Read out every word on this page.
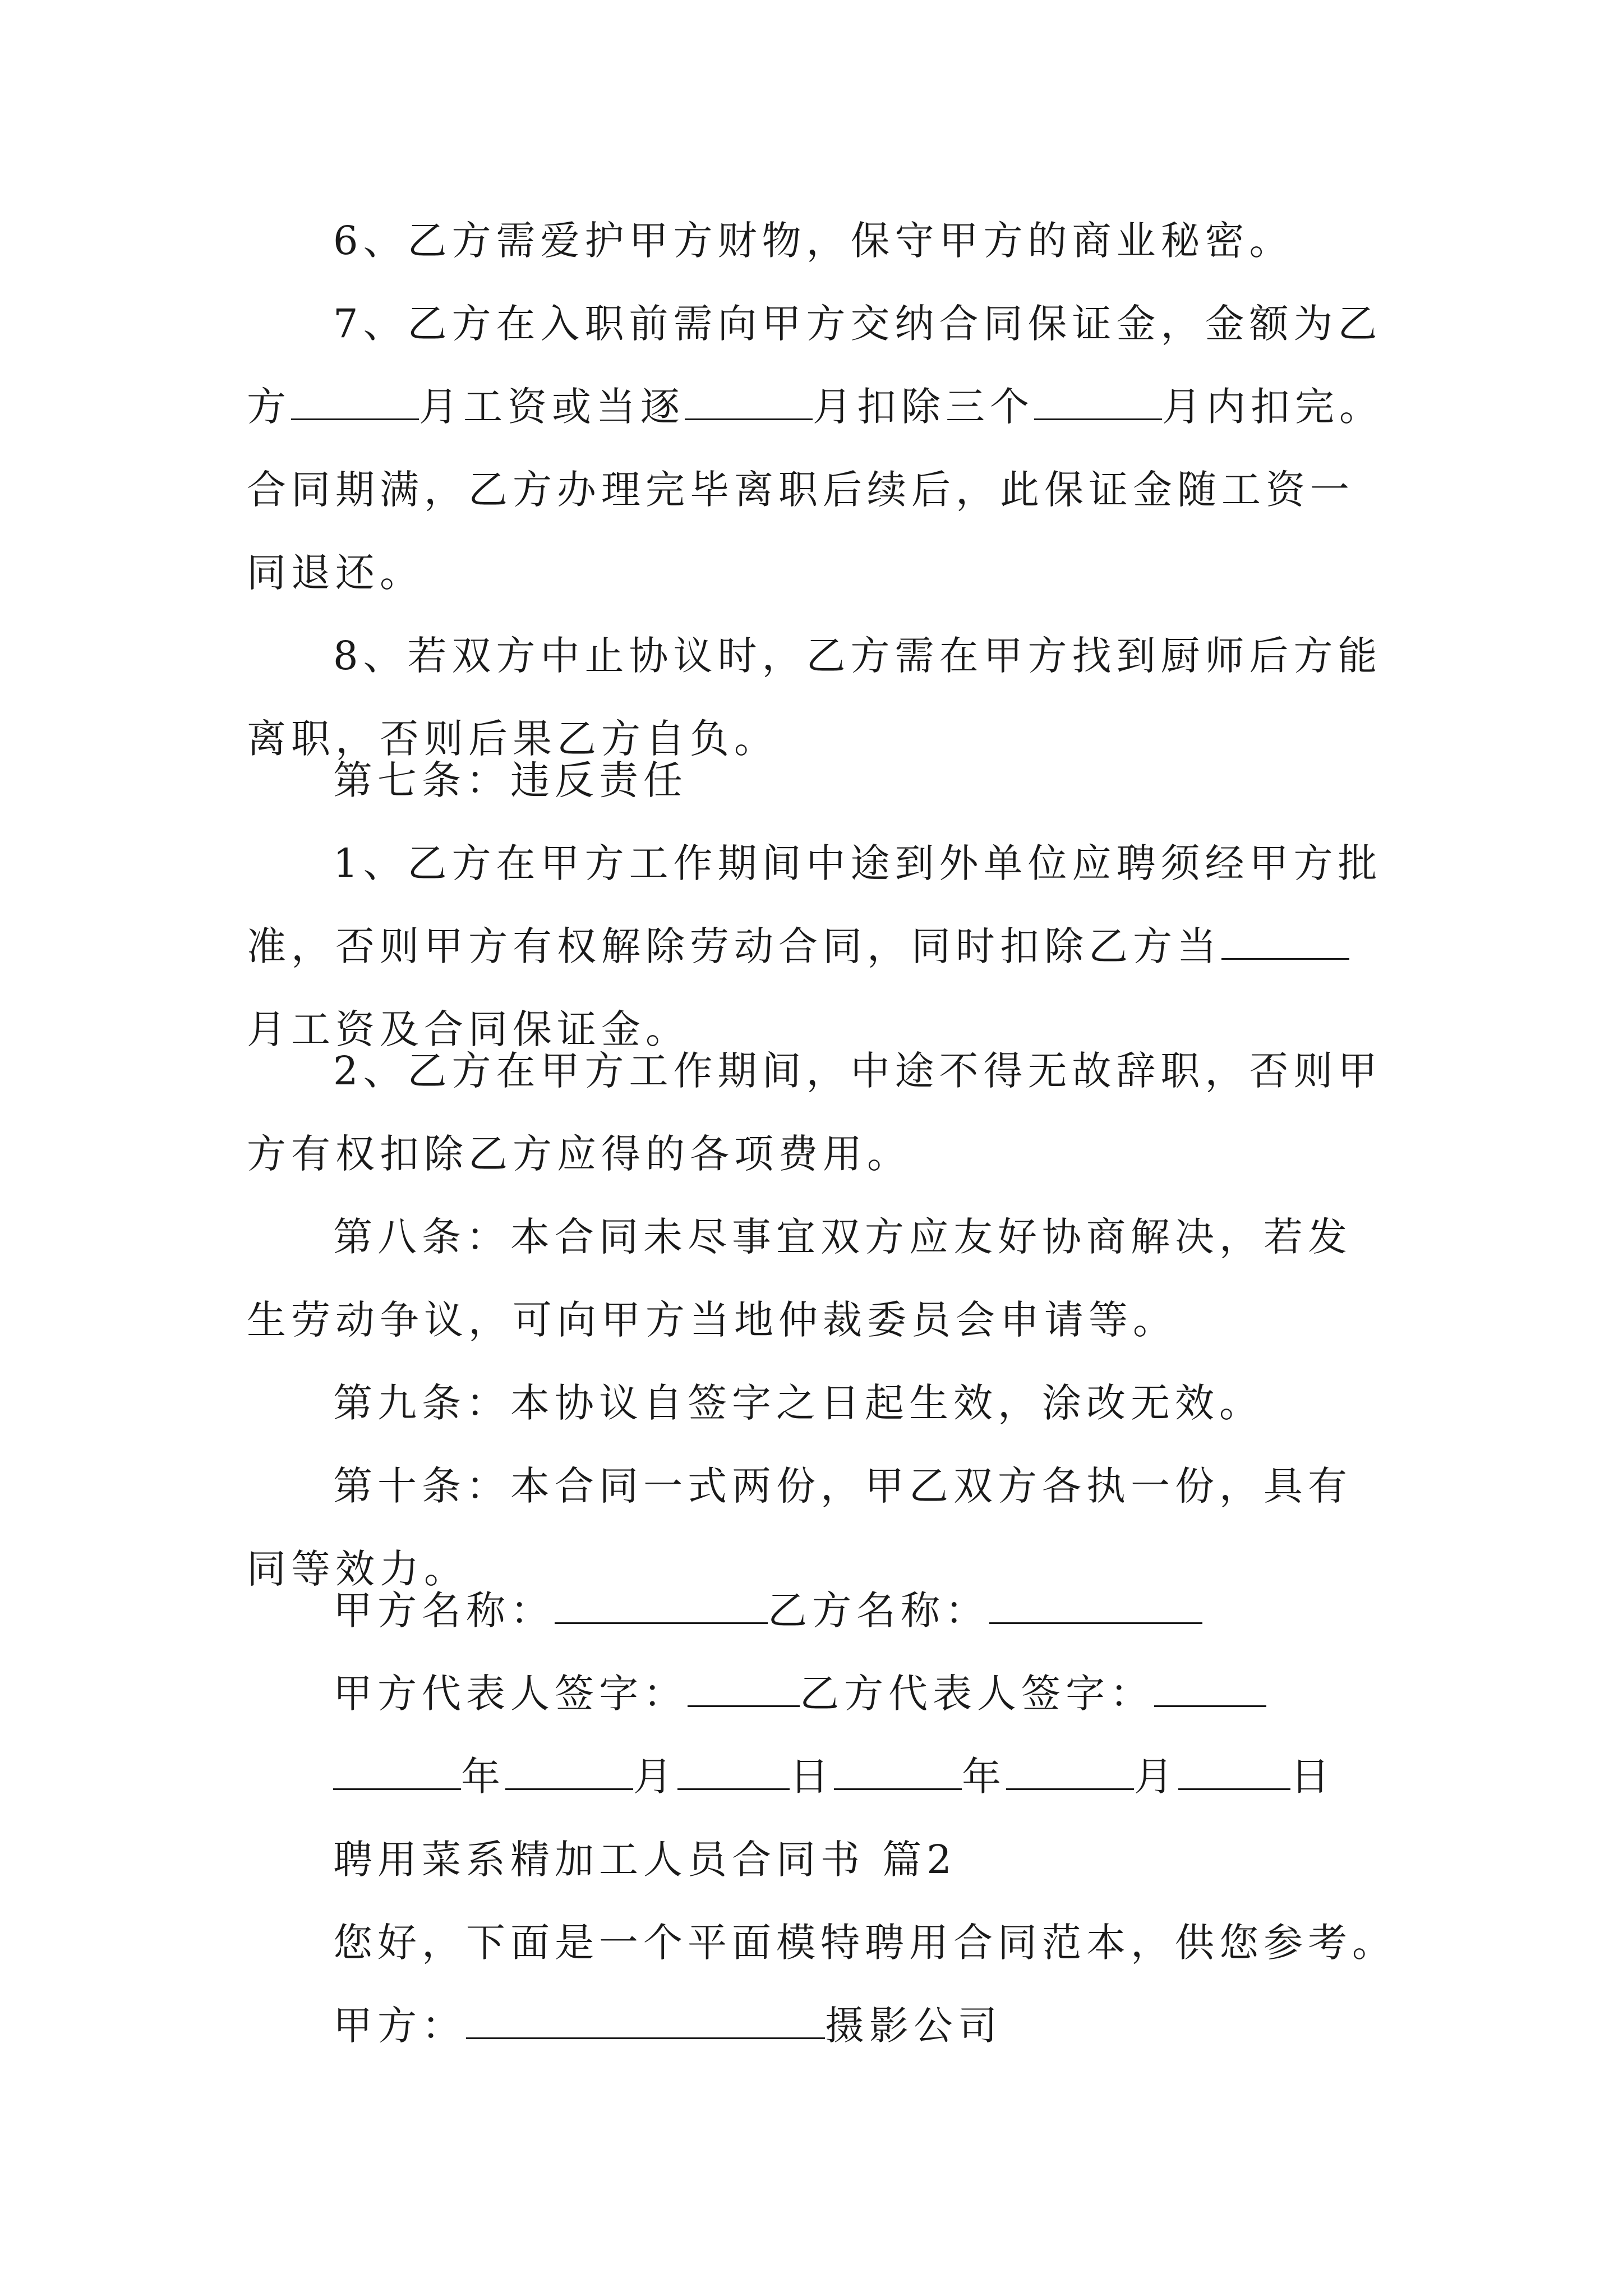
6、乙方需爱护甲方财物，保守甲方的商业秘密。

7、乙方在入职前需向甲方交纳合同保证金，金额为乙方	月工资或当逐	月扣除三个	月内扣完。合同期满，乙方办理完毕离职后续后，此保证金随工资一同退还。

8、若双方中止协议时，乙方需在甲方找到厨师后方能离职，否则后果乙方自负。

第七条：违反责任

1、乙方在甲方工作期间中途到外单位应聘须经甲方批准，否则甲方有权解除劳动合同，同时扣除乙方当月工资及合同保证金。

2、乙方在甲方工作期间，中途不得无故辞职，否则甲方有权扣除乙方应得的各项费用。

第八条：本合同未尽事宜双方应友好协商解决，若发生劳动争议，可向甲方当地仲裁委员会申请等。

第九条：本协议自签字之日起生效，涂改无效。

第十条：本合同一式两份，甲乙双方各执一份，具有同等效力。

甲方名称：	乙方名称：

甲方代表人签字：	乙方代表人签字：

年	月	日	年	月	日

聘用菜系精加工人员合同书 篇2

您好，下面是一个平面模特聘用合同范本，供您参考。

甲方：	摄影公司
